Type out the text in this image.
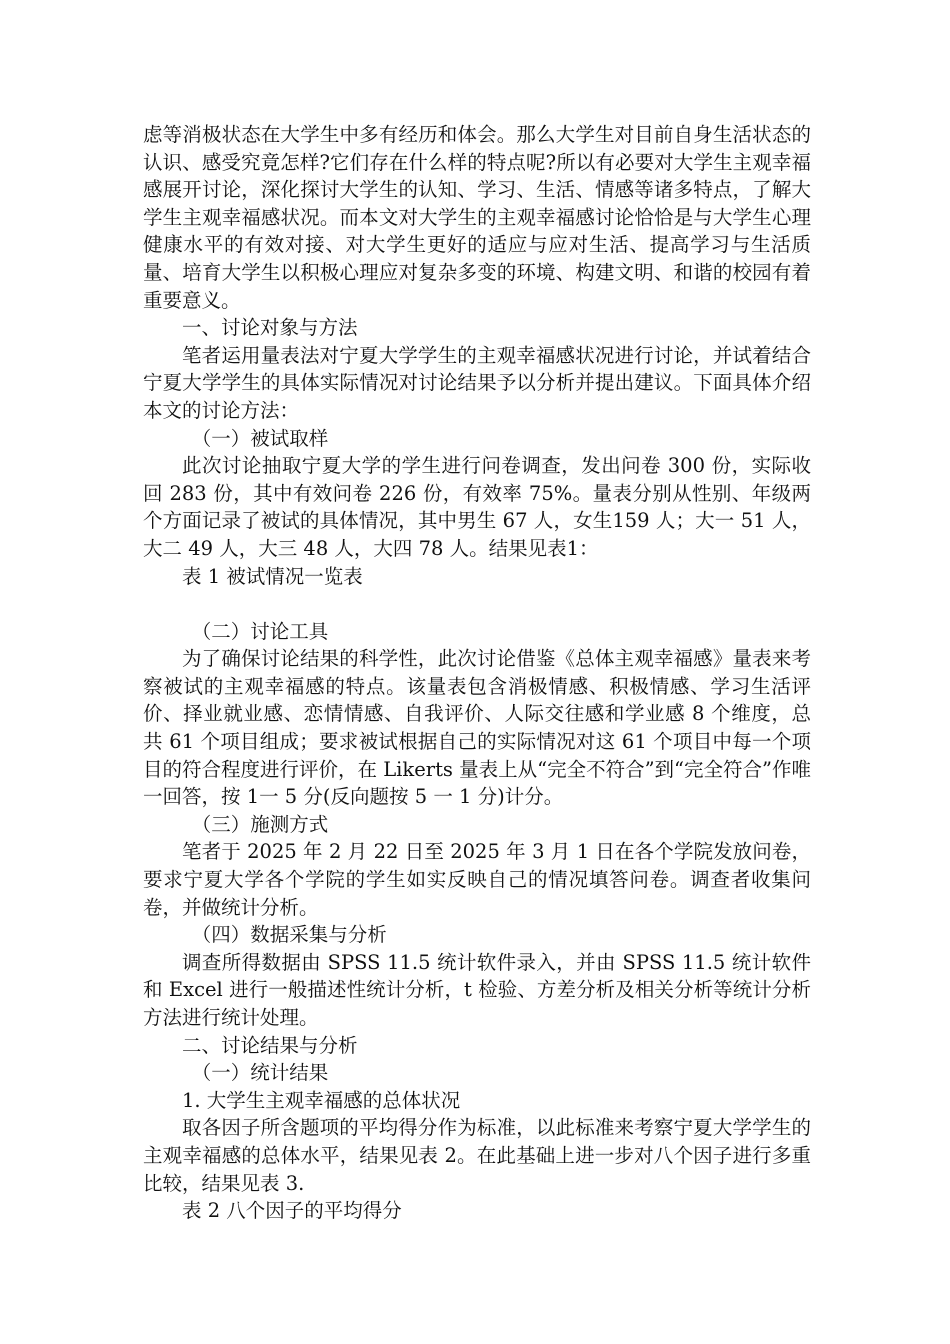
虑等消极状态在大学生中多有经历和体会。那么大学生对目前自身生活状态的认识、感受究竟怎样?它们存在什么样的特点呢?所以有必要对大学生主观幸福感展开讨论，深化探讨大学生的认知、学习、生活、情感等诸多特点，了解大学生主观幸福感状况。而本文对大学生的主观幸福感讨论恰恰是与大学生心理健康水平的有效对接、对大学生更好的适应与应对生活、提高学习与生活质量、培育大学生以积极心理应对复杂多变的环境、构建文明、和谐的校园有着重要意义。

一、讨论对象与方法

笔者运用量表法对宁夏大学学生的主观幸福感状况进行讨论，并试着结合宁夏大学学生的具体实际情况对讨论结果予以分析并提出建议。下面具体介绍本文的讨论方法：

（一）被试取样

此次讨论抽取宁夏大学的学生进行问卷调查，发出问卷 300 份，实际收回 283 份，其中有效问卷 226 份，有效率 75%。量表分别从性别、年级两个方面记录了被试的具体情况，其中男生 67 人，女生159 人；大一 51 人，大二 49 人，大三 48 人，大四 78 人。结果见表1：

表 1 被试情况一览表

（二）讨论工具

为了确保讨论结果的科学性，此次讨论借鉴《总体主观幸福感》量表来考察被试的主观幸福感的特点。该量表包含消极情感、积极情感、学习生活评价、择业就业感、恋情情感、自我评价、人际交往感和学业感 8 个维度，总共 61 个项目组成；要求被试根据自己的实际情况对这 61 个项目中每一个项目的符合程度进行评价，在 Likerts 量表上从“完全不符合”到“完全符合”作唯一回答，按 1一 5 分(反向题按 5 一 1 分)计分。

（三）施测方式

笔者于 2025 年 2 月 22 日至 2025 年 3 月 1 日在各个学院发放问卷，要求宁夏大学各个学院的学生如实反映自己的情况填答问卷。调查者收集问卷，并做统计分析。

（四）数据采集与分析

调查所得数据由 SPSS 11.5 统计软件录入，并由 SPSS 11.5 统计软件和 Excel 进行一般描述性统计分析，t 检验、方差分析及相关分析等统计分析方法进行统计处理。

二、讨论结果与分析

（一）统计结果

1. 大学生主观幸福感的总体状况

取各因子所含题项的平均得分作为标准，以此标准来考察宁夏大学学生的主观幸福感的总体水平，结果见表 2。在此基础上进一步对八个因子进行多重比较，结果见表 3.

表 2 八个因子的平均得分
